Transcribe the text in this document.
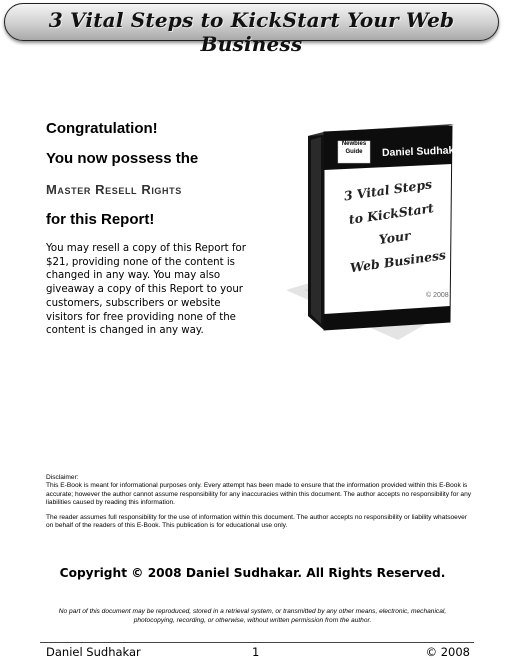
3 Vital Steps to KickStart Your Web Business
Congratulation!
You now possess the
Master Resell Rights
for this Report!
You may resell a copy of this Report for $21, providing none of the content is changed in any way. You may also giveaway a copy of this Report to your customers, subscribers or website visitors for free providing none of the content is changed in any way.
Newbies
Guide	Daniel Sudhakar
3 Vital Steps
to KickStart
Your
Web Business
© 2008
Disclaimer:

This E-Book is meant for informational purposes only. Every attempt has been made to ensure that the information provided within this E-Book is accurate; however the author cannot assume responsibility for any inaccuracies within this document. The author accepts no responsibility for any liabilities caused by reading this information.

The reader assumes full responsibility for the use of information within this document. The author accepts no responsibility or liability whatsoever on behalf of the readers of this E-Book. This publication is for educational use only.

Copyright © 2008 Daniel Sudhakar. All Rights Reserved.
No part of this document may be reproduced, stored in a retrieval system, or transmitted by any other means, electronic, mechanical, photocopying, recording, or otherwise, without written permission from the author.
Daniel Sudhakar	1	© 2008
